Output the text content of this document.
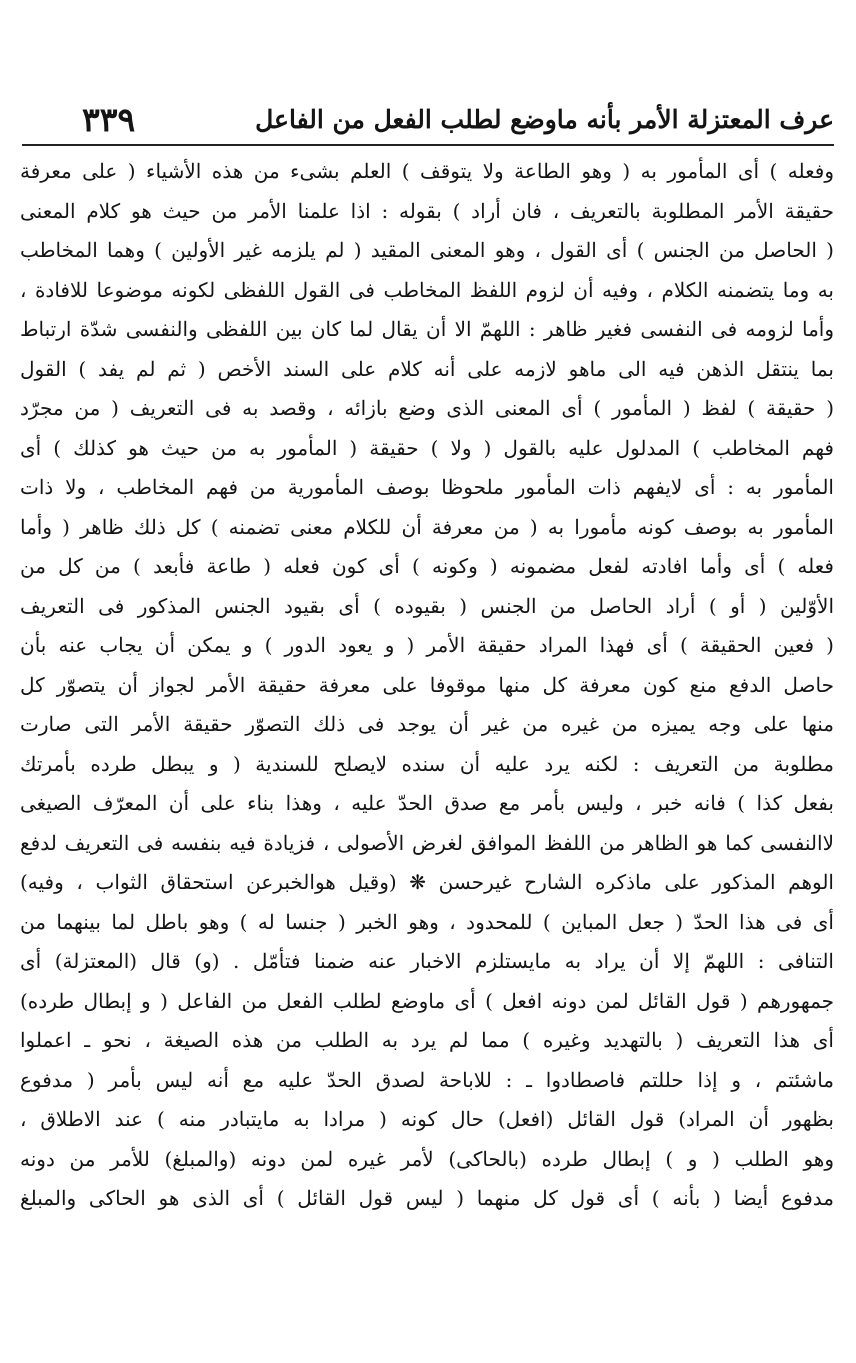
عرف المعتزلة الأمر بأنه ماوضع لطلب الفعل من الفاعل
٣٣٩
وفعله ) أى المأمور به ( وهو الطاعة ولا يتوقف ) العلم بشىء من هذه الأشياء ( على معرفة
حقيقة الأمر المطلوبة بالتعريف ، فان أراد ) بقوله : اذا علمنا الأمر من حيث هو كلام المعنى
( الحاصل من الجنس ) أى القول ، وهو المعنى المقيد ( لم يلزمه غير الأولين ) وهما المخاطب
به وما يتضمنه الكلام ، وفيه أن لزوم اللفظ المخاطب فى القول اللفظى لكونه موضوعا للافادة ،
وأما لزومه فى النفسى فغير ظاهر : اللهمّ الا أن يقال لما كان بين اللفظى والنفسى شدّة ارتباط
بما ينتقل الذهن فيه الى ماهو لازمه على أنه كلام على السند الأخص ( ثم لم يفد ) القول
( حقيقة ) لفظ ( المأمور ) أى المعنى الذى وضع بازائه ، وقصد به فى التعريف ( من مجرّد
فهم المخاطب ) المدلول عليه بالقول ( ولا ) حقيقة ( المأمور به من حيث هو كذلك ) أى
المأمور به : أى لايفهم ذات المأمور ملحوظا بوصف المأمورية من فهم المخاطب ، ولا ذات
المأمور به بوصف كونه مأمورا به ( من معرفة أن للكلام معنى تضمنه ) كل ذلك ظاهر ( وأما
فعله ) أى وأما افادته لفعل مضمونه ( وكونه ) أى كون فعله ( طاعة فأبعد ) من كل من
الأوّلين ( أو ) أراد الحاصل من الجنس ( بقيوده ) أى بقيود الجنس المذكور فى التعريف
( فعين الحقيقة ) أى فهذا المراد حقيقة الأمر ( و يعود الدور ) و يمكن أن يجاب عنه بأن
حاصل الدفع منع كون معرفة كل منها موقوفا على معرفة حقيقة الأمر لجواز أن يتصوّر كل
منها على وجه يميزه من غيره من غير أن يوجد فى ذلك التصوّر حقيقة الأمر التى صارت
مطلوبة من التعريف : لكنه يرد عليه أن سنده لايصلح للسندية ( و يبطل طرده بأمرتك
بفعل كذا ) فانه خبر ، وليس بأمر مع صدق الحدّ عليه ، وهذا بناء على أن المعرّف الصيغى
لاالنفسى كما هو الظاهر من اللفظ الموافق لغرض الأصولى ، فزيادة فيه بنفسه فى التعريف لدفع
الوهم المذكور على ماذكره الشارح غيرحسن ❋ (وقيل هوالخبرعن استحقاق الثواب ، وفيه)
أى فى هذا الحدّ ( جعل المباين ) للمحدود ، وهو الخبر ( جنسا له ) وهو باطل لما بينهما من
التنافى : اللهمّ إلا أن يراد به مايستلزم الاخبار عنه ضمنا فتأمّل . (و) قال (المعتزلة) أى
جمهورهم ( قول القائل لمن دونه افعل ) أى ماوضع لطلب الفعل من الفاعل ( و إبطال طرده)
أى هذا التعريف ( بالتهديد وغيره ) مما لم يرد به الطلب من هذه الصيغة ، نحو ـ اعملوا
ماشئتم ، و إذا حللتم فاصطادوا ـ : للاباحة لصدق الحدّ عليه مع أنه ليس بأمر ( مدفوع
بظهور أن المراد) قول القائل (افعل) حال كونه ( مرادا به مايتبادر منه ) عند الاطلاق ،
وهو الطلب ( و ) إبطال طرده (بالحاكى) لأمر غيره لمن دونه (والمبلغ) للأمر من دونه
مدفوع أيضا ( بأنه ) أى قول كل منهما ( ليس قول القائل ) أى الذى هو الحاكى والمبلغ
